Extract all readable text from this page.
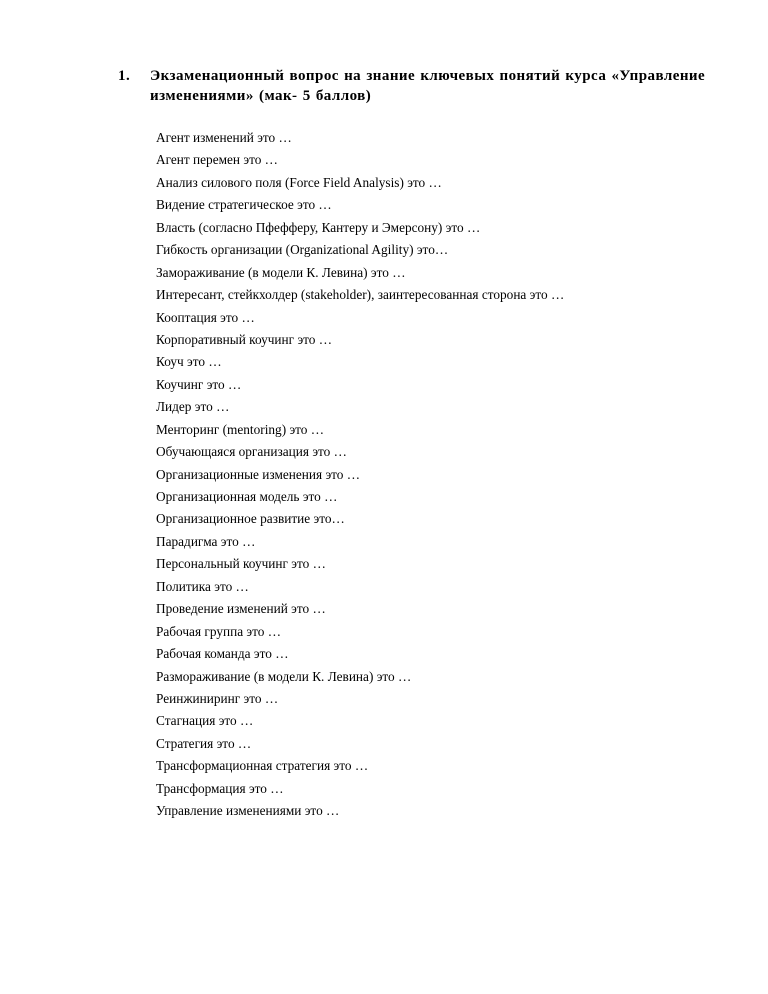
1.	Экзаменационный вопрос на знание ключевых понятий курса «Управление изменениями» (мак- 5 баллов)
Агент изменений это …
Агент перемен это …
Анализ силового поля (Force Field Analysis) это …
Видение стратегическое это …
Власть (согласно Пфефферу, Кантеру и Эмерсону) это …
Гибкость организации (Organizational Agility) это…
Замораживание (в модели К. Левина) это …
Интересант, стейкхолдер (stakeholder), заинтересованная сторона это …
Кооптация это …
Корпоративный коучинг это …
Коуч это …
Коучинг это …
Лидер это …
Менторинг (mentoring) это …
Обучающаяся организация это …
Организационные изменения это …
Организационная модель это …
Организационное развитие это…
Парадигма это …
Персональный коучинг это …
Политика это …
Проведение изменений это …
Рабочая группа это …
Рабочая команда это …
Размораживание (в модели К. Левина) это …
Реинжиниринг это …
Стагнация это …
Стратегия это …
Трансформационная стратегия это …
Трансформация это …
Управление изменениями это …
